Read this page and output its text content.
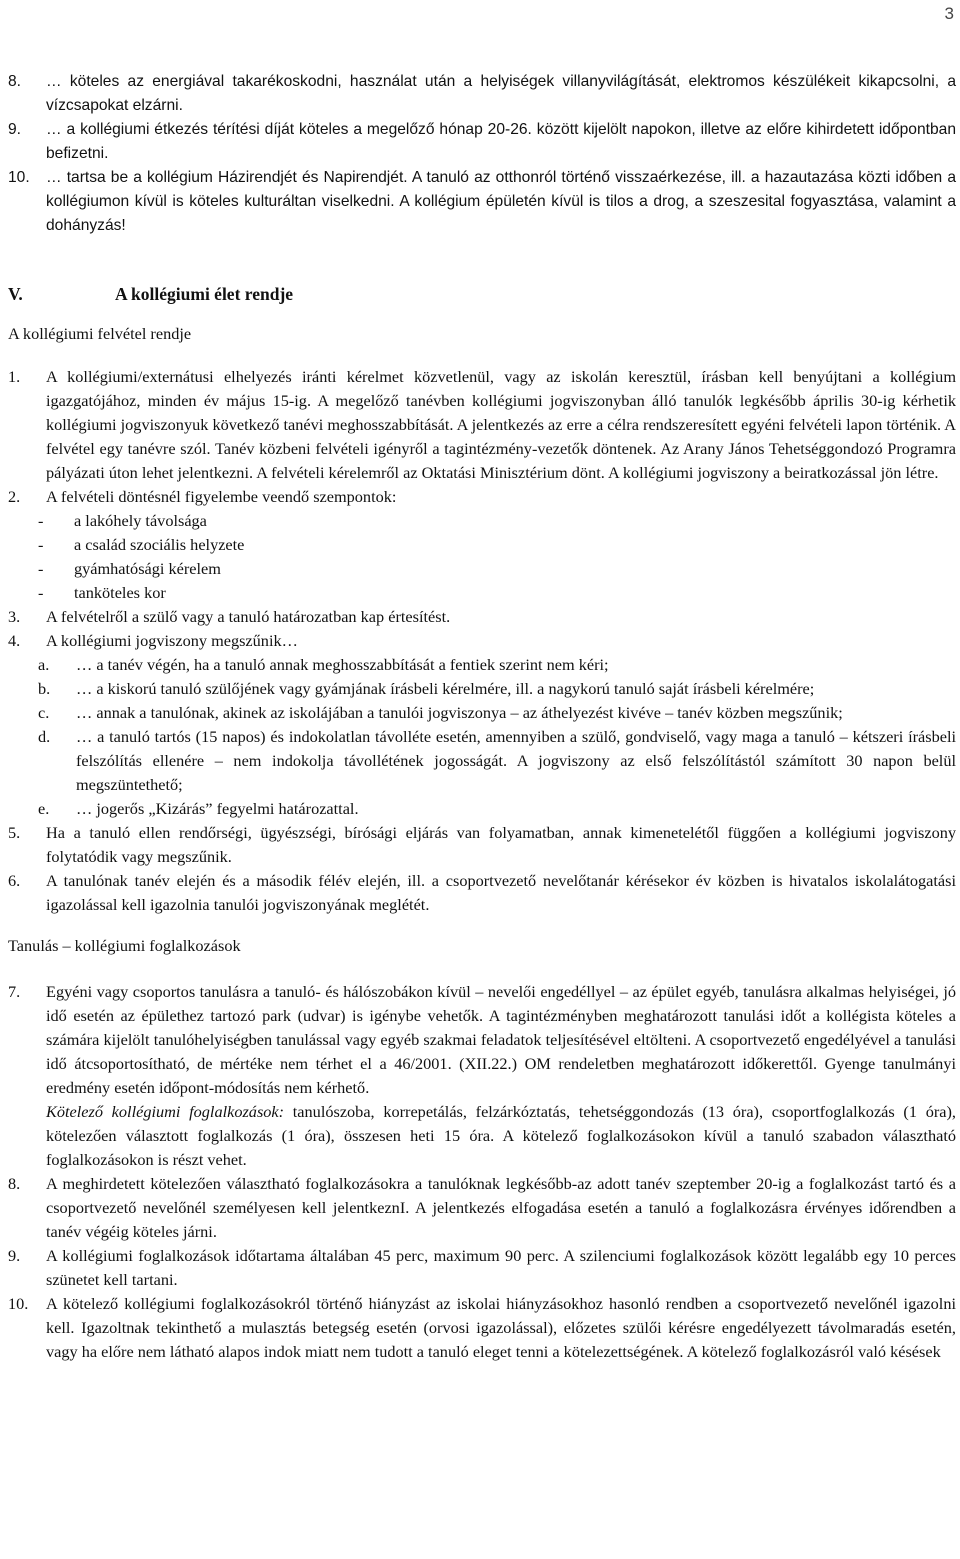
3
8. … köteles az energiával takarékoskodni, használat után a helyiségek villanyvilágítását, elektromos készülékeit kikapcsolni, a vízcsapokat elzárni.
9. … a kollégiumi étkezés térítési díját köteles a megelőző hónap 20-26. között kijelölt napokon, illetve az előre kihirdetett időpontban befizetni.
10. … tartsa be a kollégium Házirendjét és Napirendjét. A tanuló az otthonról történő visszaérkezése, ill. a hazautazása közti időben a kollégiumon kívül is köteles kulturáltan viselkedni. A kollégium épületén kívül is tilos a drog, a szeszesital fogyasztása, valamint a dohányzás!
V.	A kollégiumi élet rendje
A kollégiumi felvétel rendje
1. A kollégiumi/externátusi elhelyezés iránti kérelmet közvetlenül, vagy az iskolán keresztül, írásban kell benyújtani a kollégium igazgatójához, minden év május 15-ig. A megelőző tanévben kollégiumi jogviszonyban álló tanulók legkésőbb április 30-ig kérhetik kollégiumi jogviszonyuk következő tanévi meghosszabbítását. A jelentkezés az erre a célra rendszeresített egyéni felvételi lapon történik. A felvétel egy tanévre szól. Tanév közbeni felvételi igényről a tagintézmény-vezetők döntenek. Az Arany János Tehetséggondozó Programra pályázati úton lehet jelentkezni. A felvételi kérelemről az Oktatási Minisztérium dönt. A kollégiumi jogviszony a beiratkozással jön létre.
2. A felvételi döntésnél figyelembe veendő szempontok:
- a lakóhely távolsága
- a család szociális helyzete
- gyámhatósági kérelem
- tanköteles kor
3. A felvételről a szülő vagy a tanuló határozatban kap értesítést.
4. A kollégiumi jogviszony megszűnik…
a. … a tanév végén, ha a tanuló annak meghosszabbítását a fentiek szerint nem kéri;
b. … a kiskorú tanuló szülőjének vagy gyámjának írásbeli kérelmére, ill. a nagykorú tanuló saját írásbeli kérelmére;
c. … annak a tanulónak, akinek az iskolájában a tanulói jogviszonya – az áthelyezést kivéve – tanév közben megszűnik;
d. … a tanuló tartós (15 napos) és indokolatlan távolléte esetén, amennyiben a szülő, gondviselő, vagy maga a tanuló – kétszeri írásbeli felszólítás ellenére – nem indokolja távollétének jogosságát. A jogviszony az első felszólítástól számított 30 napon belül megszüntethető;
e. … jogerős „Kizárás” fegyelmi határozattal.
5. Ha a tanuló ellen rendőrségi, ügyészségi, bírósági eljárás van folyamatban, annak kimenetelétől függően a kollégiumi jogviszony folytatódik vagy megszűnik.
6. A tanulónak tanév elején és a második félév elején, ill. a csoportvezető nevelőtanár kérésekor év közben is hivatalos iskolalátogatási igazolással kell igazolnia tanulói jogviszonyának meglétét.
Tanulás – kollégiumi foglalkozások
7. Egyéni vagy csoportos tanulásra a tanuló- és hálószobákon kívül – nevelői engedéllyel – az épület egyéb, tanulásra alkalmas helyiségei, jó idő esetén az épülethez tartozó park (udvar) is igénybe vehetők. A tagintézményben meghatározott tanulási időt a kollégista köteles a számára kijelölt tanulóhelyiségben tanulással vagy egyéb szakmai feladatok teljesítésével eltölteni. A csoportvezető engedélyével a tanulási idő átcsoportosítható, de mértéke nem térhet el a 46/2001. (XII.22.) OM rendeletben meghatározott időkerettől. Gyenge tanulmányi eredmény esetén időpont-módosítás nem kérhető.
Kötelező kollégiumi foglalkozások: tanulószoba, korrepetálás, felzárkóztatás, tehetséggondozás (13 óra), csoportfoglalkozás (1 óra), kötelezően választott foglalkozás (1 óra), összesen heti 15 óra. A kötelező foglalkozásokon kívül a tanuló szabadon választható foglalkozásokon is részt vehet.
8. A meghirdetett kötelezően választható foglalkozásokra a tanulóknak legkésőbb-az adott tanév szeptember 20-ig a foglalkozást tartó és a csoportvezető nevelőnél személyesen kell jelentkeznI. A jelentkezés elfogadása esetén a tanuló a foglalkozásra érvényes időrendben a tanév végéig köteles járni.
9. A kollégiumi foglalkozások időtartama általában 45 perc, maximum 90 perc. A szilenciumi foglalkozások között legalább egy 10 perces szünetet kell tartani.
10. A kötelező kollégiumi foglalkozásokról történő hiányzást az iskolai hiányzásokhoz hasonló rendben a csoportvezető nevelőnél igazolni kell. Igazoltnak tekinthető a mulasztás betegség esetén (orvosi igazolással), előzetes szülői kérésre engedélyezett távolmaradás esetén, vagy ha előre nem látható alapos indok miatt nem tudott a tanuló eleget tenni a kötelezettségének. A kötelező foglalkozásról való késések
